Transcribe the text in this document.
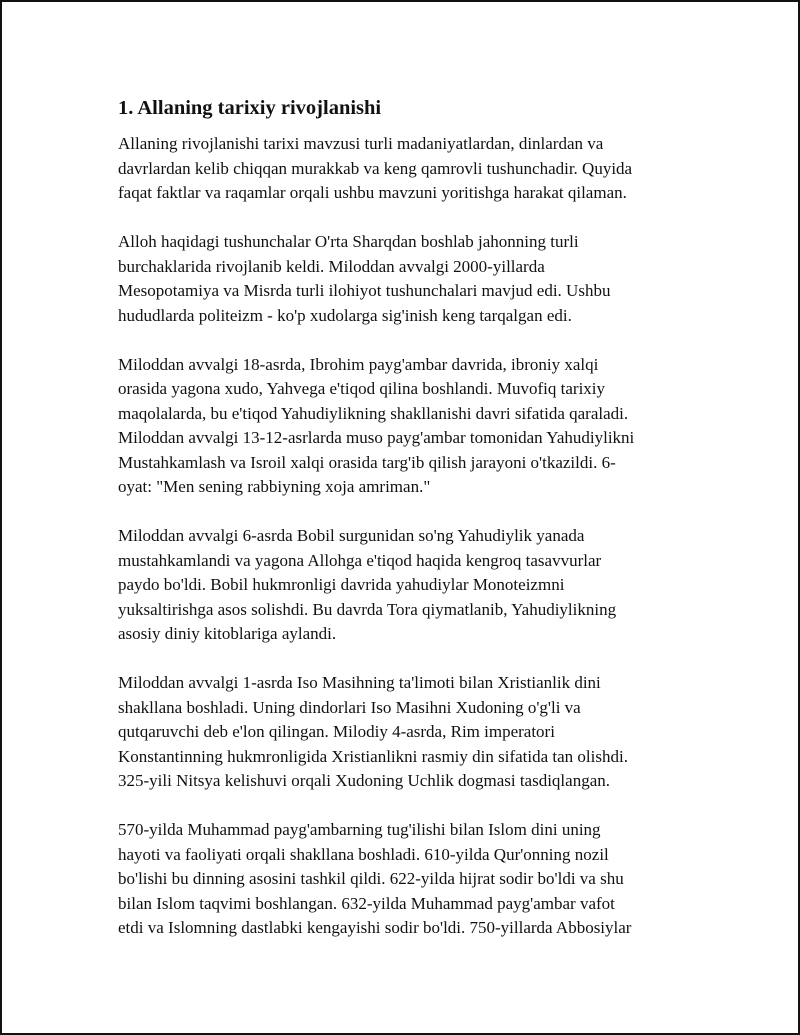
1. Allaning tarixiy rivojlanishi
Allaning rivojlanishi tarixi mavzusi turli madaniyatlardan, dinlardan va
davrlardan kelib chiqqan murakkab va keng qamrovli tushunchadir. Quyida
faqat faktlar va raqamlar orqali ushbu mavzuni yoritishga harakat qilaman.
Alloh haqidagi tushunchalar O'rta Sharqdan boshlab jahonning turli
burchaklarida rivojlanib keldi. Miloddan avvalgi 2000-yillarda
Mesopotamiya va Misrda turli ilohiyot tushunchalari mavjud edi. Ushbu
hududlarda politeizm - ko'p xudolarga sig'inish keng tarqalgan edi.
Miloddan avvalgi 18-asrda, Ibrohim payg'ambar davrida, ibroniy xalqi
orasida yagona xudo, Yahvega e'tiqod qilina boshlandi. Muvofiq tarixiy
maqolalarda, bu e'tiqod Yahudiylikning shakllanishi davri sifatida qaraladi.
Miloddan avvalgi 13-12-asrlarda muso payg'ambar tomonidan Yahudiylikni
Mustahkamlash va Isroil xalqi orasida targ'ib qilish jarayoni o'tkazildi. 6-
oyat: "Men sening rabbiyning xoja amriman."
Miloddan avvalgi 6-asrda Bobil surgunidan so'ng Yahudiylik yanada
mustahkamlandi va yagona Allohga e'tiqod haqida kengroq tasavvurlar
paydo bo'ldi. Bobil hukmronligi davrida yahudiylar Monoteizmni
yuksaltirishga asos solishdi. Bu davrda Tora qiymatlanib, Yahudiylikning
asosiy diniy kitoblariga aylandi.
Miloddan avvalgi 1-asrda Iso Masihning ta'limoti bilan Xristianlik dini
shakllana boshladi. Uning dindorlari Iso Masihni Xudoning o'g'li va
qutqaruvchi deb e'lon qilingan. Milodiy 4-asrda, Rim imperatori
Konstantinning hukmronligida Xristianlikni rasmiy din sifatida tan olishdi.
325-yili Nitsya kelishuvi orqali Xudoning Uchlik dogmasi tasdiqlangan.
570-yilda Muhammad payg'ambarning tug'ilishi bilan Islom dini uning
hayoti va faoliyati orqali shakllana boshladi. 610-yilda Qur'onning nozil
bo'lishi bu dinning asosini tashkil qildi. 622-yilda hijrat sodir bo'ldi va shu
bilan Islom taqvimi boshlangan. 632-yilda Muhammad payg'ambar vafot
etdi va Islomning dastlabki kengayishi sodir bo'ldi. 750-yillarda Abbosiylar
